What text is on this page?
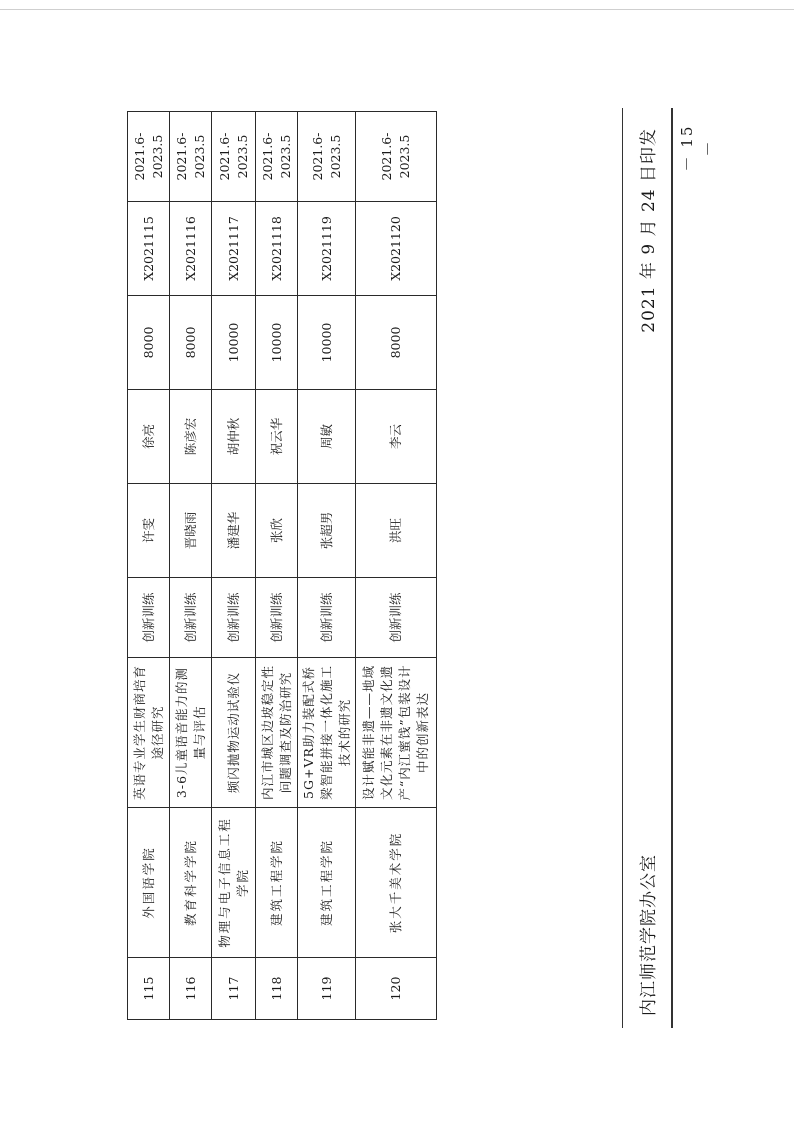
115	外国语学院	英语专业学生财商培育途径研究	创新训练	许雯	徐亮	8000	X2021115	2021.6-2023.5
116	教育科学学院	3-6儿童语音能力的测量与评估	创新训练	晋晓雨	陈彦宏	8000	X2021116	2021.6-2023.5
117	物理与电子信息工程学院	频闪抛物运动试验仪	创新训练	潘建华	胡仲秋	10000	X2021117	2021.6-2023.5
118	建筑工程学院	内江市城区边坡稳定性问题调查及防治研究	创新训练	张欣	祝云华	10000	X2021118	2021.6-2023.5
119	建筑工程学院	5G+VR助力装配式桥梁智能拼接一体化施工技术的研究	创新训练	张超男	周敏	10000	X2021119	2021.6-2023.5
120	张大千美术学院	设计赋能非遗——地域文化元素在非遗文化遗产“内江蜜饯”包装设计中的创新表达	创新训练	洪旺	李云	8000	X2021120	2021.6-2023.5
内江师范学院办公室
2021 年 9 月 24 日印发 － 15 －
